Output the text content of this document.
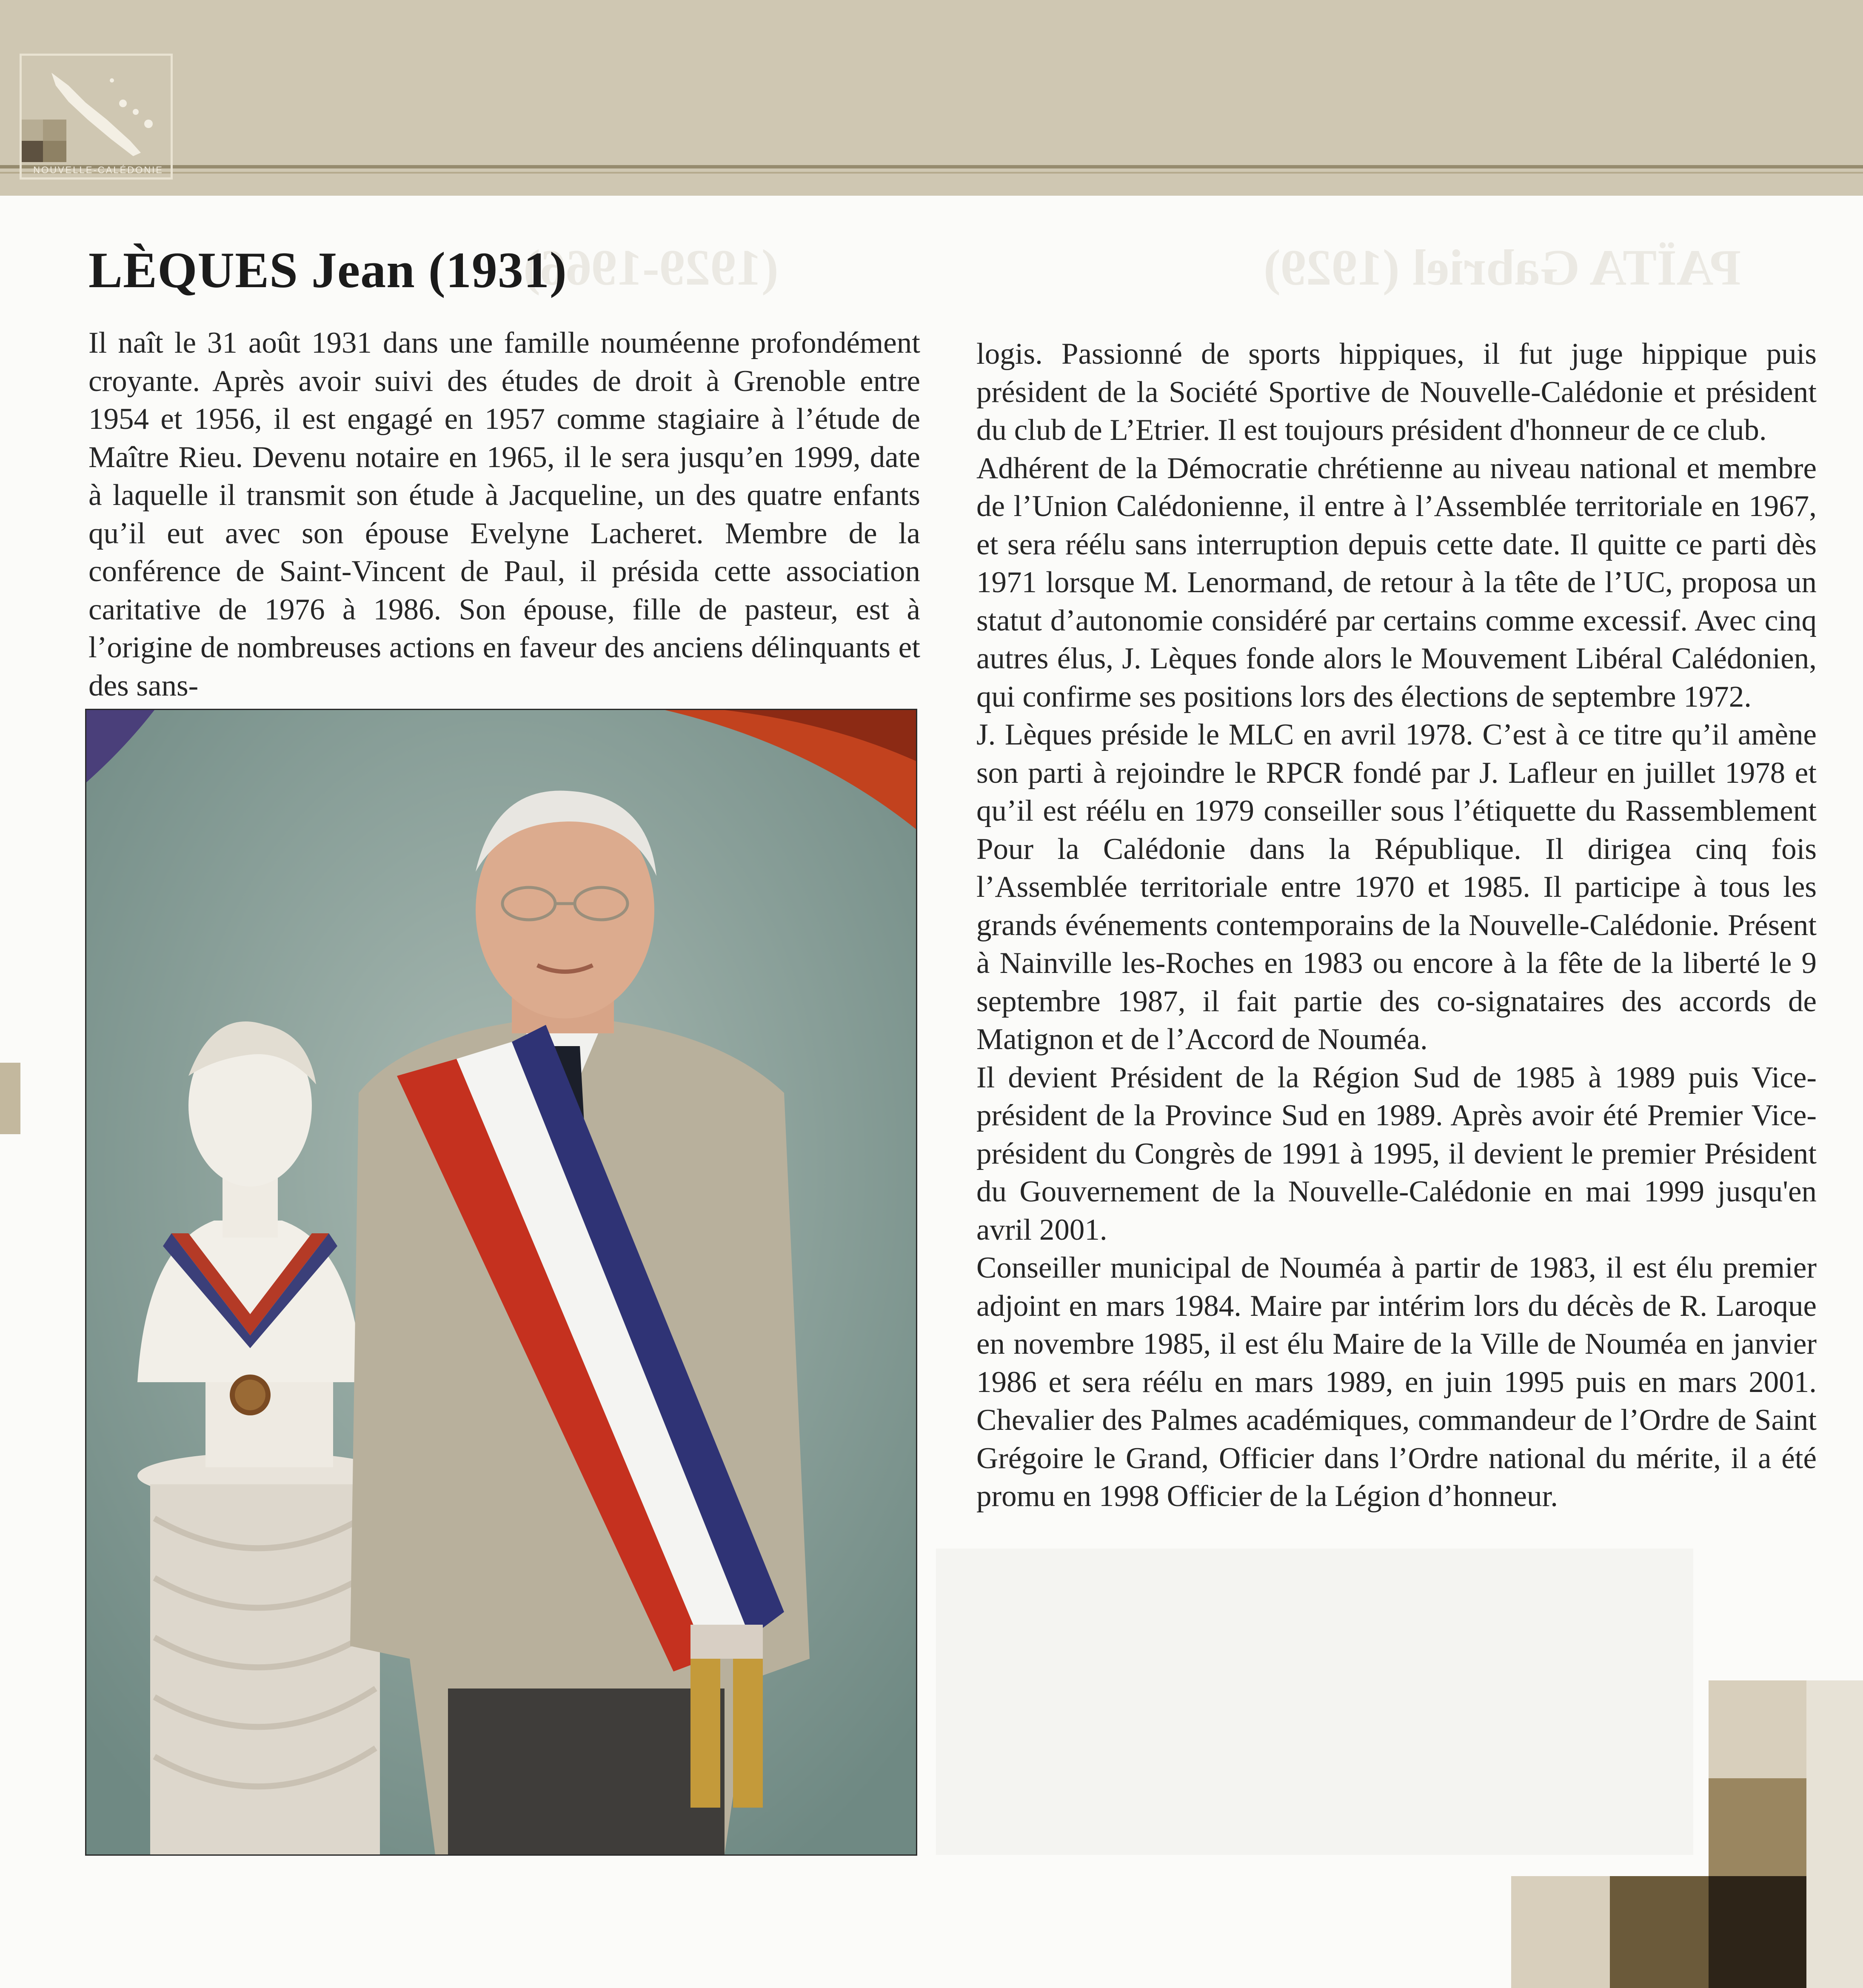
NOUVELLE-CALÉDONIE
(1929-1966)	PAÏTA Gabriel (1929)
LÈQUES Jean (1931)

Il naît le 31 août 1931 dans une famille nouméenne profondément croyante. Après avoir suivi des études de droit à Grenoble entre 1954 et 1956, il est engagé en 1957 comme stagiaire à l’étude de Maître Rieu. Devenu notaire en 1965, il le sera jusqu’en 1999, date à laquelle il transmit son étude à Jacqueline, un des quatre enfants qu’il eut avec son épouse Evelyne Lacheret. Membre de la conférence de Saint-Vincent de Paul, il présida cette association caritative de 1976 à 1986. Son épouse, fille de pasteur, est à l’origine de nombreuses actions en faveur des anciens délinquants et des sans-

logis. Passionné de sports hippiques, il fut juge hippique puis président de la Société Sportive de Nouvelle-Calédonie et président du club de L’Etrier. Il est toujours président d'honneur de ce club.

Adhérent de la Démocratie chrétienne au niveau national et membre de l’Union Calédonienne, il entre à l’Assemblée territoriale en 1967, et sera réélu sans interruption depuis cette date. Il quitte ce parti dès 1971 lorsque M. Lenormand, de retour à la tête de l’UC, proposa un statut d’autonomie considéré par certains comme excessif. Avec cinq autres élus, J. Lèques fonde alors le Mouvement Libéral Calédonien, qui confirme ses positions lors des élections de septembre 1972.

J. Lèques préside le MLC en avril 1978. C’est à ce titre qu’il amène son parti à rejoindre le RPCR fondé par J. Lafleur en juillet 1978 et qu’il est réélu en 1979 conseiller sous l’étiquette du Rassemblement Pour la Calédonie dans la République. Il dirigea cinq fois l’Assemblée territoriale entre 1970 et 1985. Il participe à tous les grands événements contemporains de la Nouvelle-Calédonie. Présent à Nainville les-Roches en 1983 ou encore à la fête de la liberté le 9 septembre 1987, il fait partie des co-signataires des accords de Matignon et de l’Accord de Nouméa.

Il devient Président de la Région Sud de 1985 à 1989 puis Vice-président de la Province Sud en 1989. Après avoir été Premier Vice-président du Congrès de 1991 à 1995, il devient le premier Président du Gouvernement de la Nouvelle-Calédonie en mai 1999 jusqu'en avril 2001.

Conseiller municipal de Nouméa à partir de 1983, il est élu premier adjoint en mars 1984. Maire par intérim lors du décès de R. Laroque en novembre 1985, il est élu Maire de la Ville de Nouméa en janvier 1986 et sera réélu en mars 1989, en juin 1995 puis en mars 2001. Chevalier des Palmes académiques, commandeur de l’Ordre de Saint Grégoire le Grand, Officier dans l’Ordre national du mérite, il a été promu en 1998 Officier de la Légion d’honneur.
